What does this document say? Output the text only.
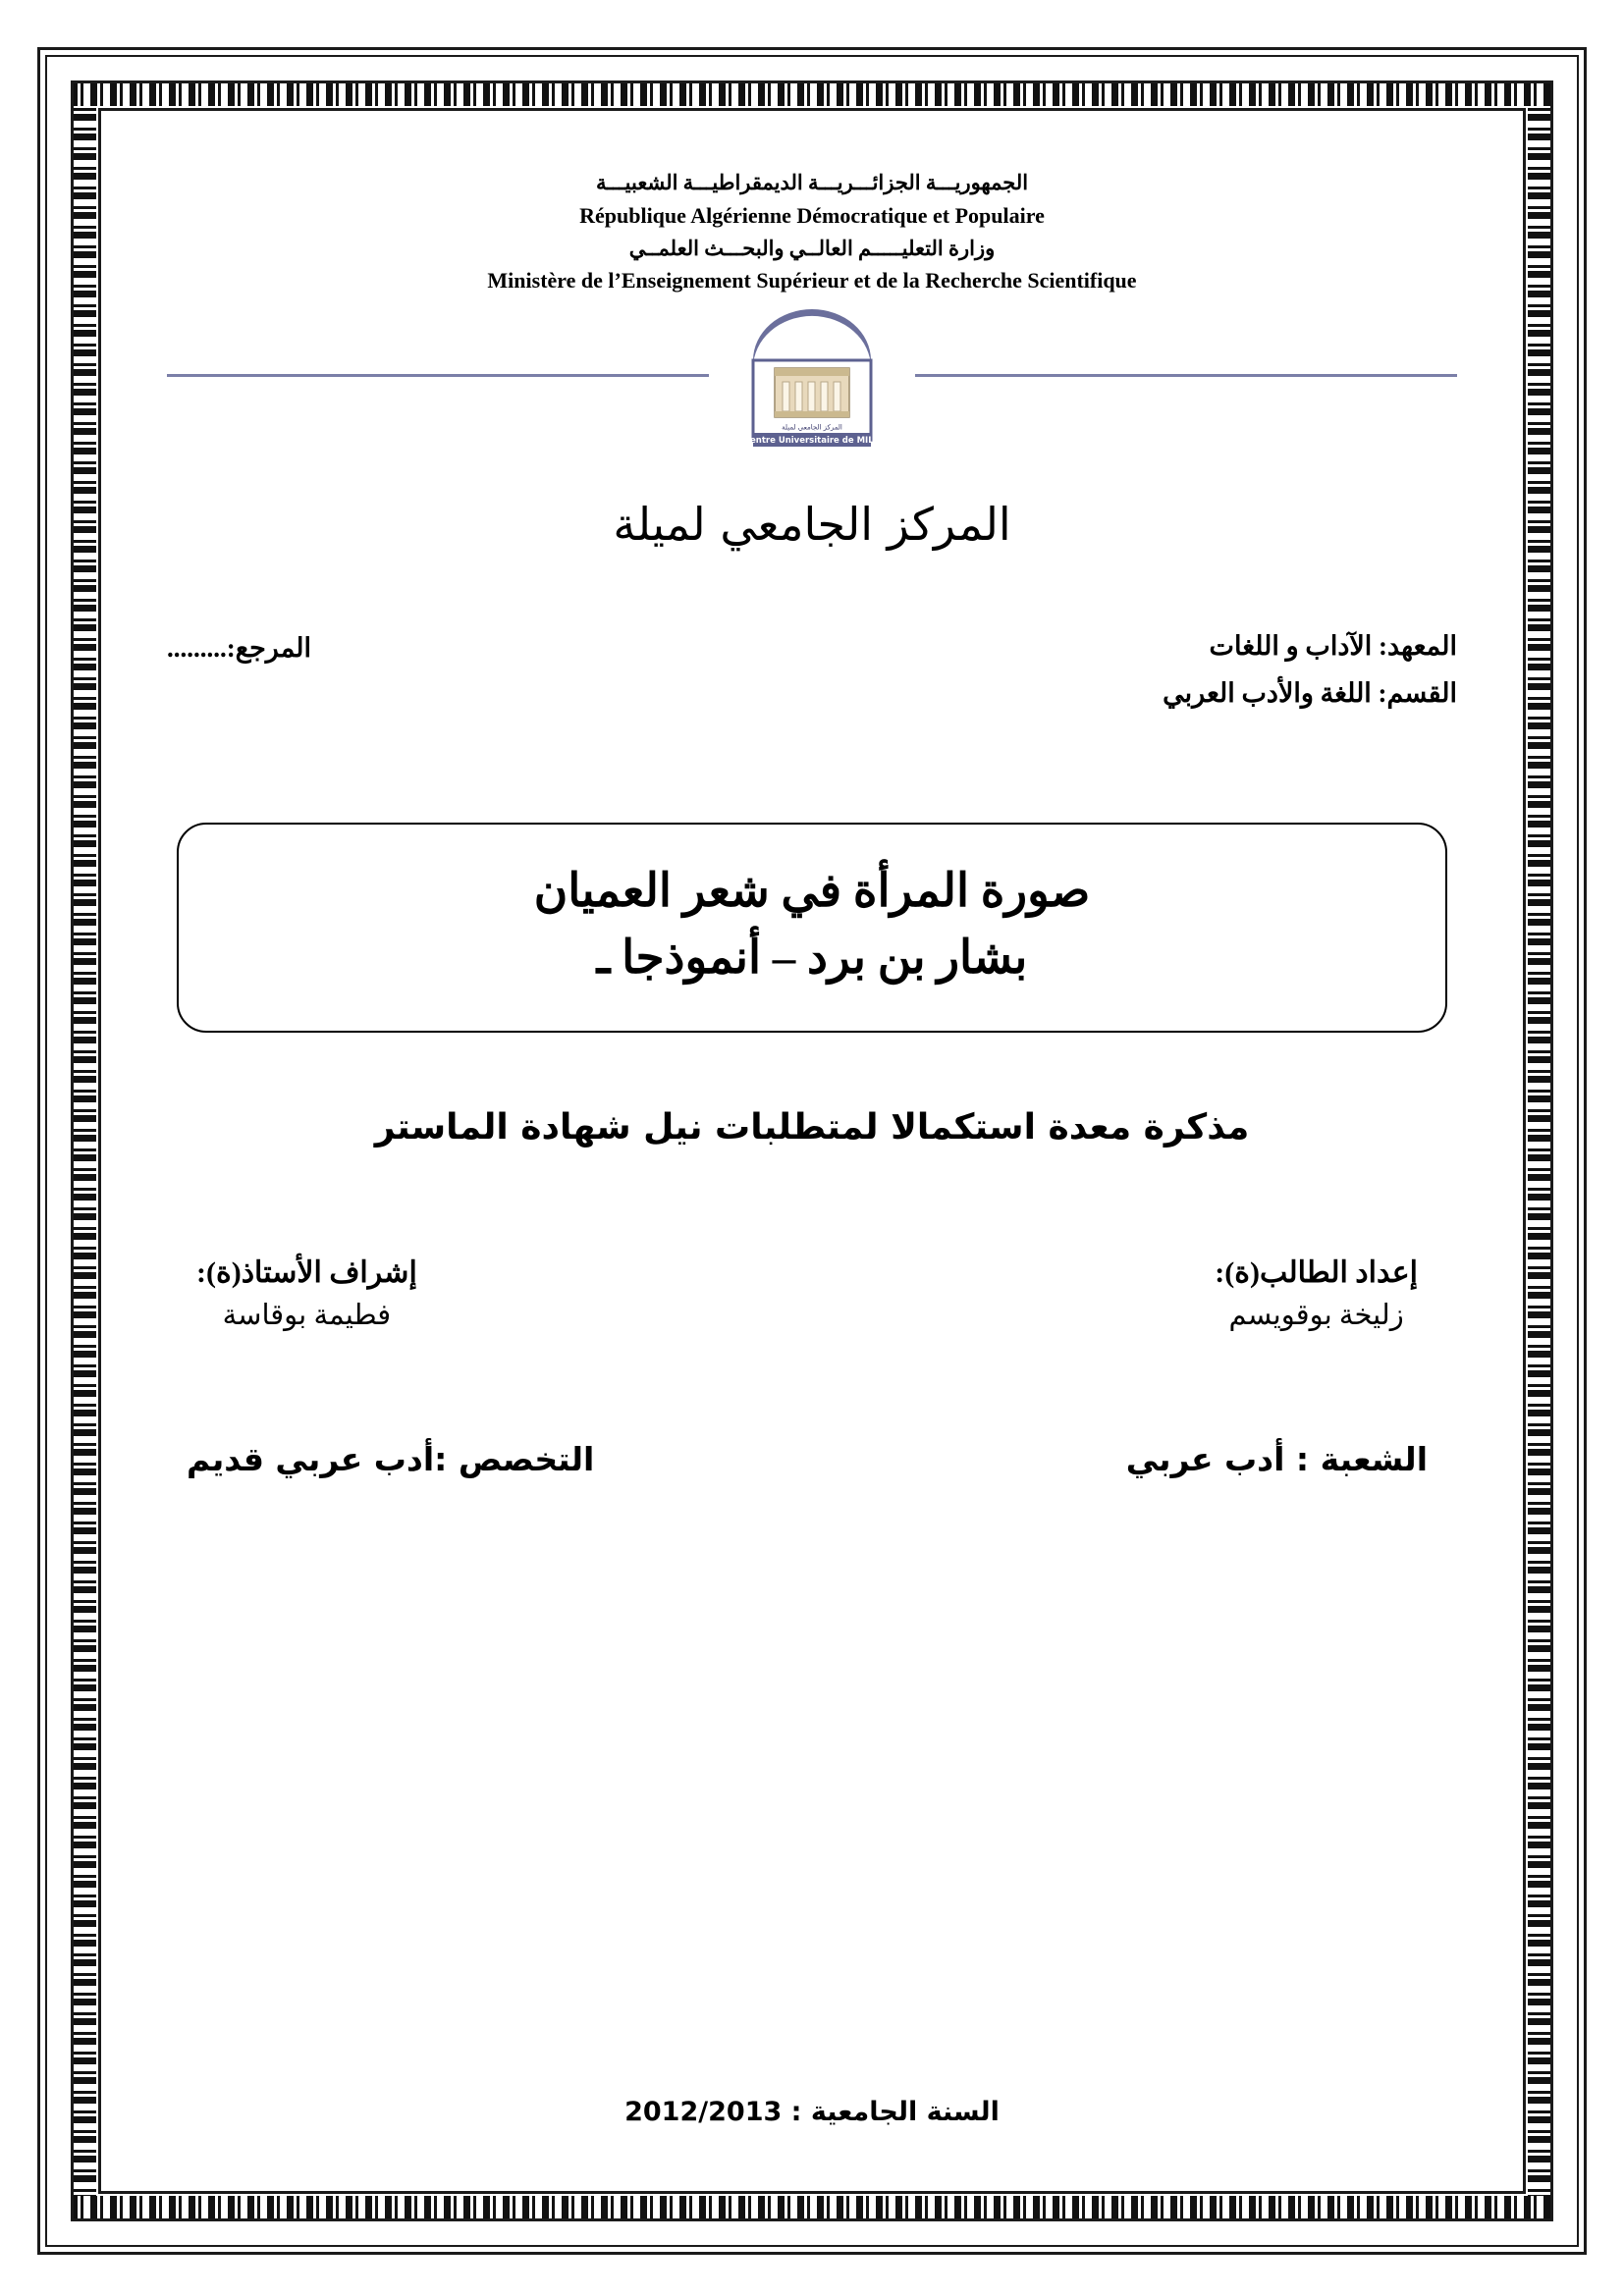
الجمهوريـــة الجزائـــريـــة الديمقراطيـــة الشعبيـــة
République Algérienne Démocratique et Populaire
وزارة التعليـــــم العالــي والبحـــث العلمــي
Ministère de l’Enseignement Supérieur et de la Recherche Scientifique
المركز الجامعي لميلة
Centre Universitaire de MILA
المركز الجامعي لميلة
المعهد: الآداب و اللغات
القسم: اللغة والأدب العربي
المرجع:.........
صورة المرأة في شعر العميان
بشار بن برد – أنموذجا ـ
مذكرة معدة استكمالا لمتطلبات نيل شهادة الماستر
إعداد الطالب(ة):
زليخة بوقويسم
إشراف الأستاذ(ة):
فطيمة بوقاسة
الشعبة : أدب عربي
التخصص :أدب عربي قديم
السنة الجامعية : 2012/2013
